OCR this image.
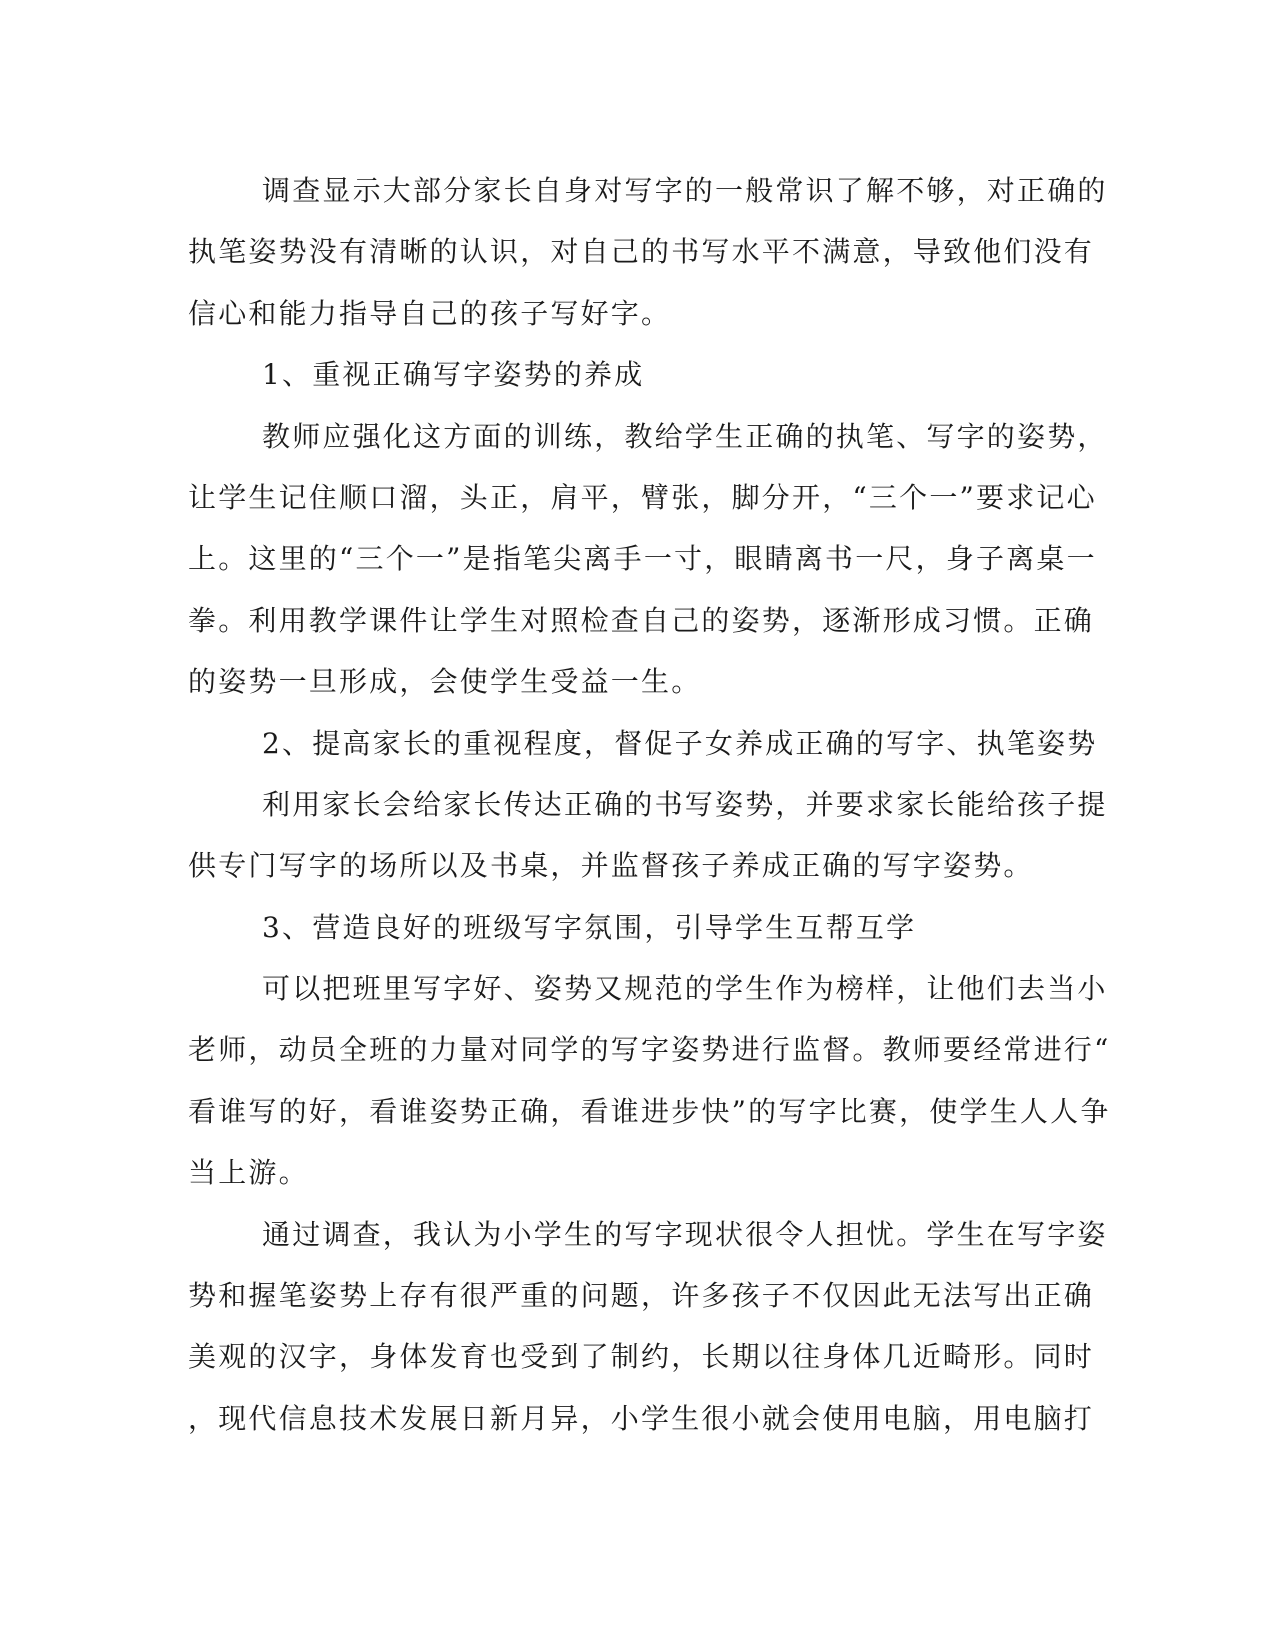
调查显示大部分家长自身对写字的一般常识了解不够，对正确的
执笔姿势没有清晰的认识，对自己的书写水平不满意，导致他们没有
信心和能力指导自己的孩子写好字。
1、重视正确写字姿势的养成
教师应强化这方面的训练，教给学生正确的执笔、写字的姿势，
让学生记住顺口溜，头正，肩平，臂张，脚分开，“三个一”要求记心
上。这里的“三个一”是指笔尖离手一寸，眼睛离书一尺，身子离桌一
拳。利用教学课件让学生对照检查自己的姿势，逐渐形成习惯。正确
的姿势一旦形成，会使学生受益一生。
2、提高家长的重视程度，督促子女养成正确的写字、执笔姿势
利用家长会给家长传达正确的书写姿势，并要求家长能给孩子提
供专门写字的场所以及书桌，并监督孩子养成正确的写字姿势。
3、营造良好的班级写字氛围，引导学生互帮互学
可以把班里写字好、姿势又规范的学生作为榜样，让他们去当小
老师，动员全班的力量对同学的写字姿势进行监督。教师要经常进行“
看谁写的好，看谁姿势正确，看谁进步快”的写字比赛，使学生人人争
当上游。
通过调查，我认为小学生的写字现状很令人担忧。学生在写字姿
势和握笔姿势上存有很严重的问题，许多孩子不仅因此无法写出正确
美观的汉字，身体发育也受到了制约，长期以往身体几近畸形。同时
，现代信息技术发展日新月异，小学生很小就会使用电脑，用电脑打
